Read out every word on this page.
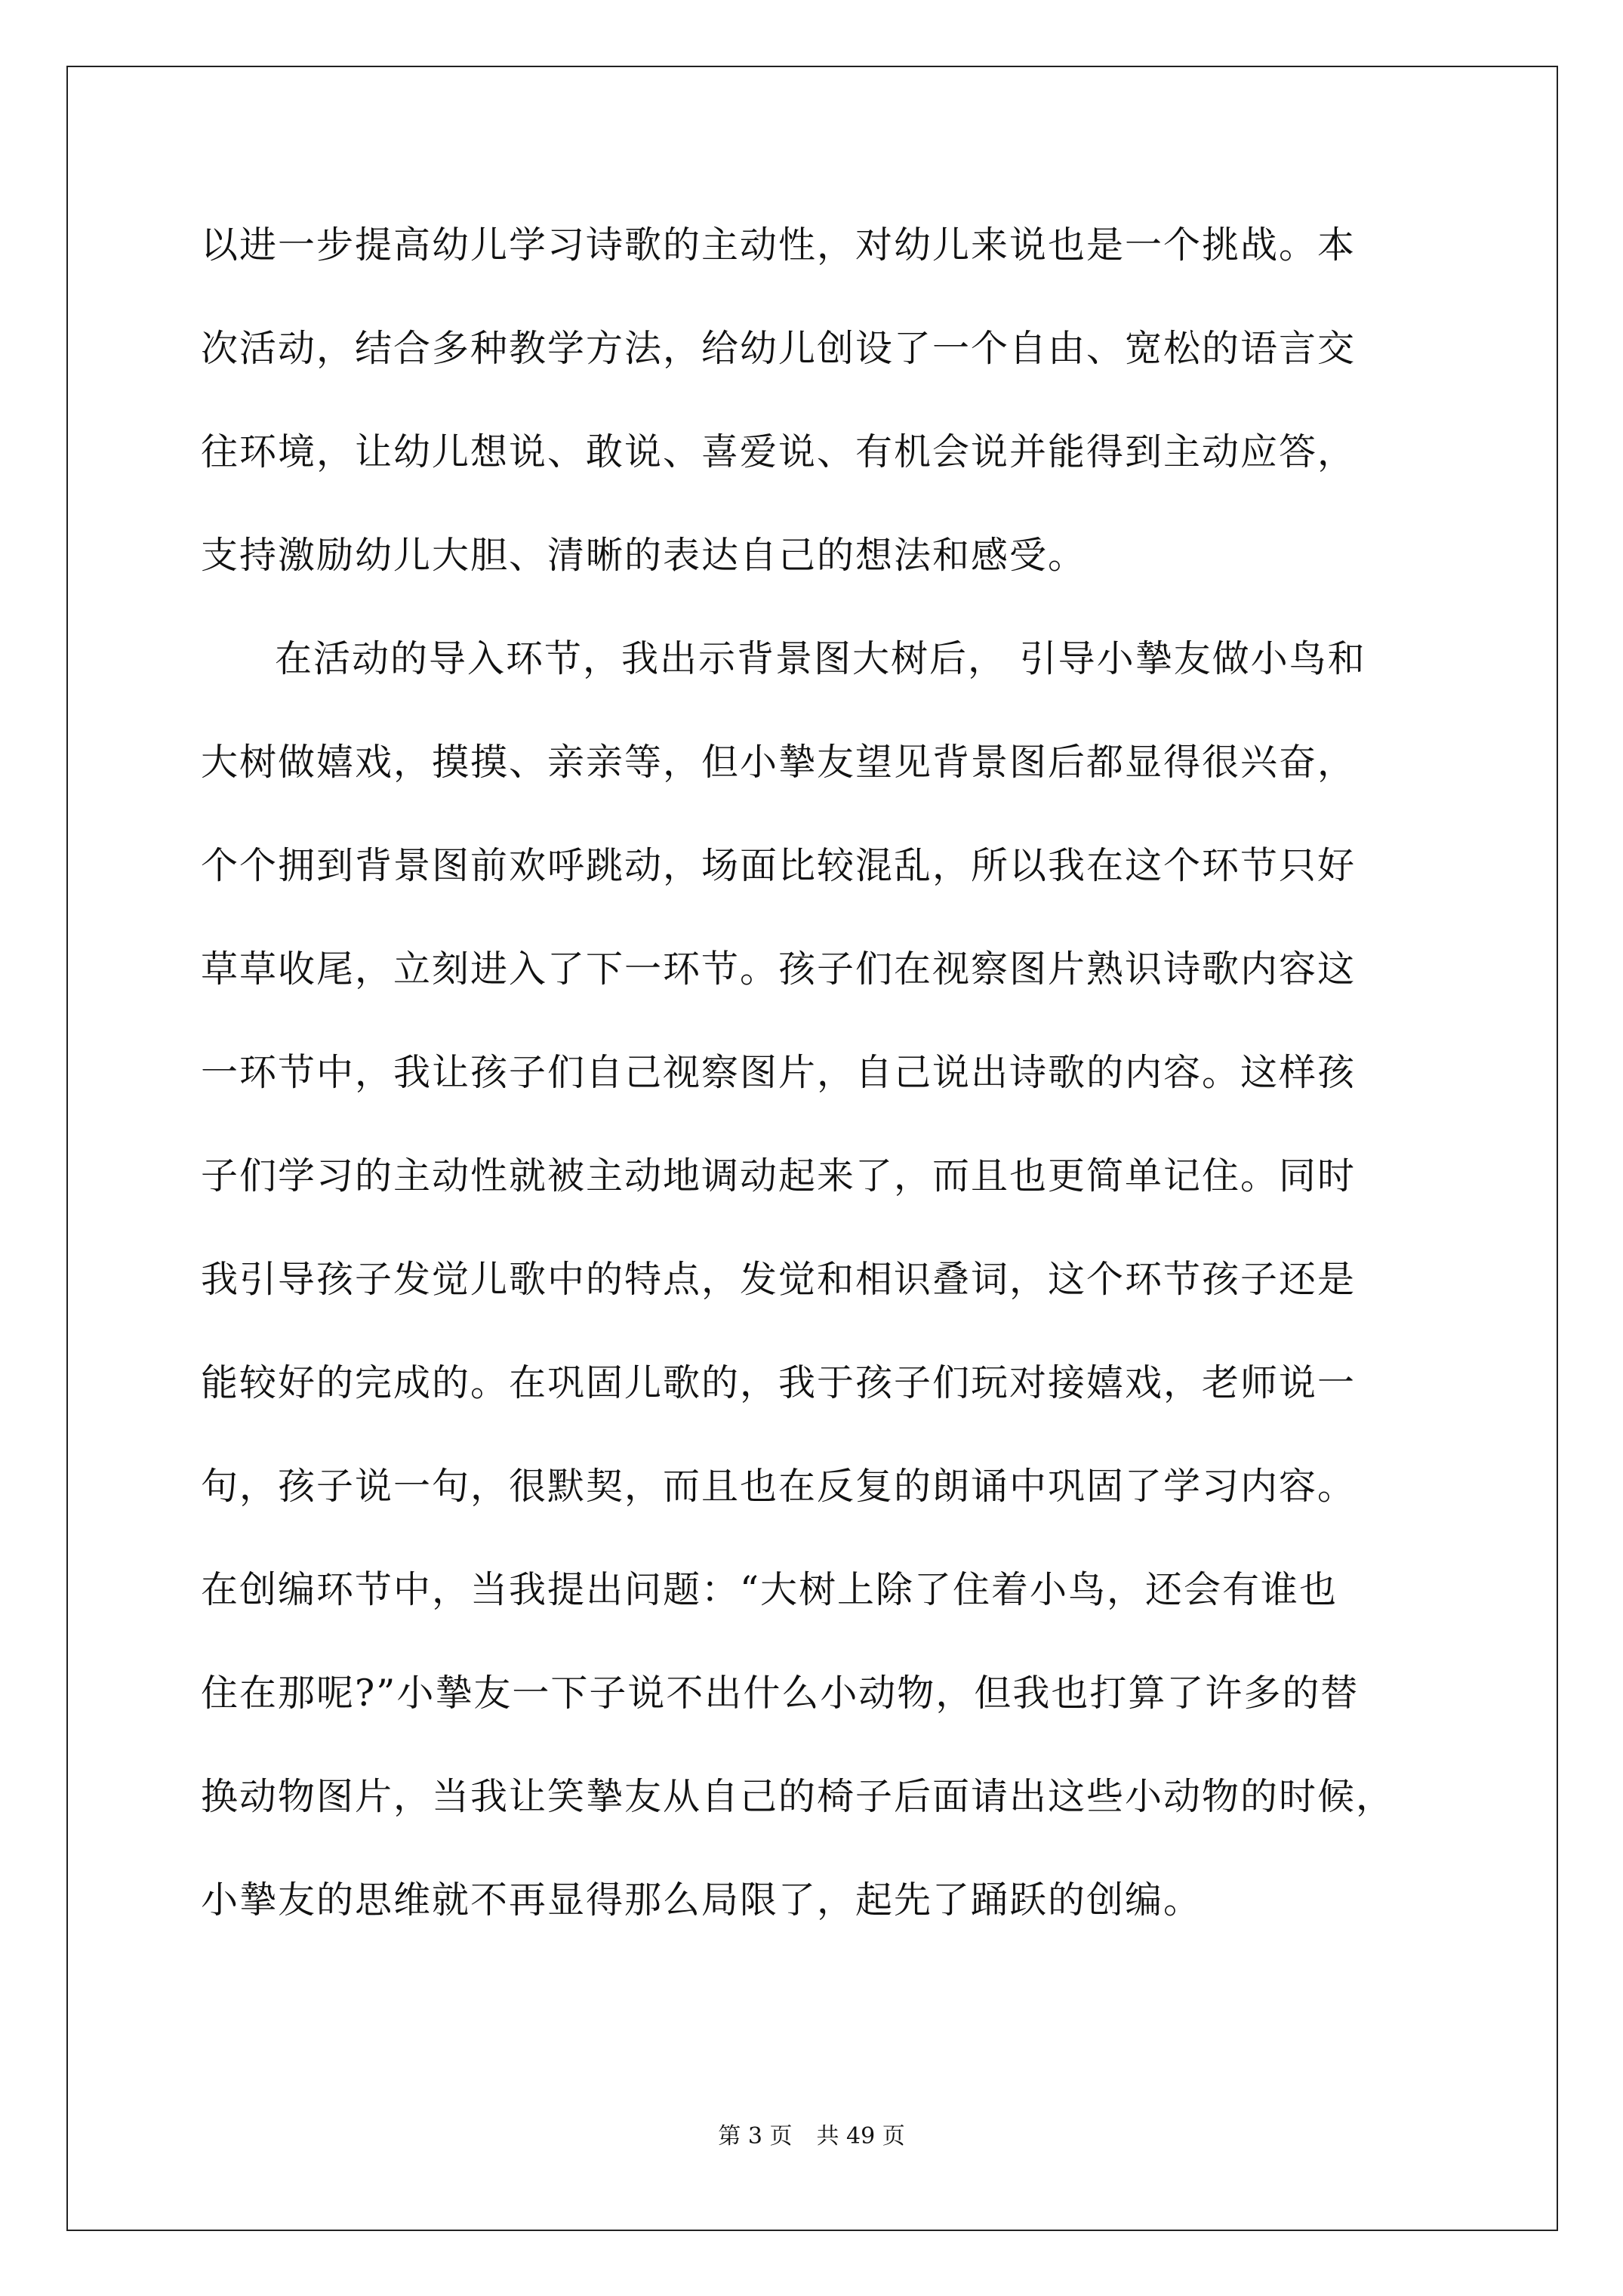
以进一步提高幼儿学习诗歌的主动性，对幼儿来说也是一个挑战。本
次活动，结合多种教学方法，给幼儿创设了一个自由、宽松的语言交
往环境，让幼儿想说、敢说、喜爱说、有机会说并能得到主动应答，
支持激励幼儿大胆、清晰的表达自己的想法和感受。
在活动的导入环节，我出示背景图大树后， 引导小摯友做小鸟和
大树做嬉戏，摸摸、亲亲等，但小摯友望见背景图后都显得很兴奋，
个个拥到背景图前欢呼跳动，场面比较混乱，所以我在这个环节只好
草草收尾，立刻进入了下一环节。孩子们在视察图片熟识诗歌内容这
一环节中，我让孩子们自己视察图片，自己说出诗歌的内容。这样孩
子们学习的主动性就被主动地调动起来了，而且也更简单记住。同时
我引导孩子发觉儿歌中的特点，发觉和相识叠词，这个环节孩子还是
能较好的完成的。在巩固儿歌的，我于孩子们玩对接嬉戏，老师说一
句，孩子说一句，很默契，而且也在反复的朗诵中巩固了学习内容。
在创编环节中，当我提出问题：“大树上除了住着小鸟，还会有谁也
住在那呢?”小摯友一下子说不出什么小动物，但我也打算了许多的替
换动物图片，当我让笑摯友从自己的椅子后面请出这些小动物的时候，
小摯友的思维就不再显得那么局限了，起先了踊跃的创编。
第 3 页 共 49 页
